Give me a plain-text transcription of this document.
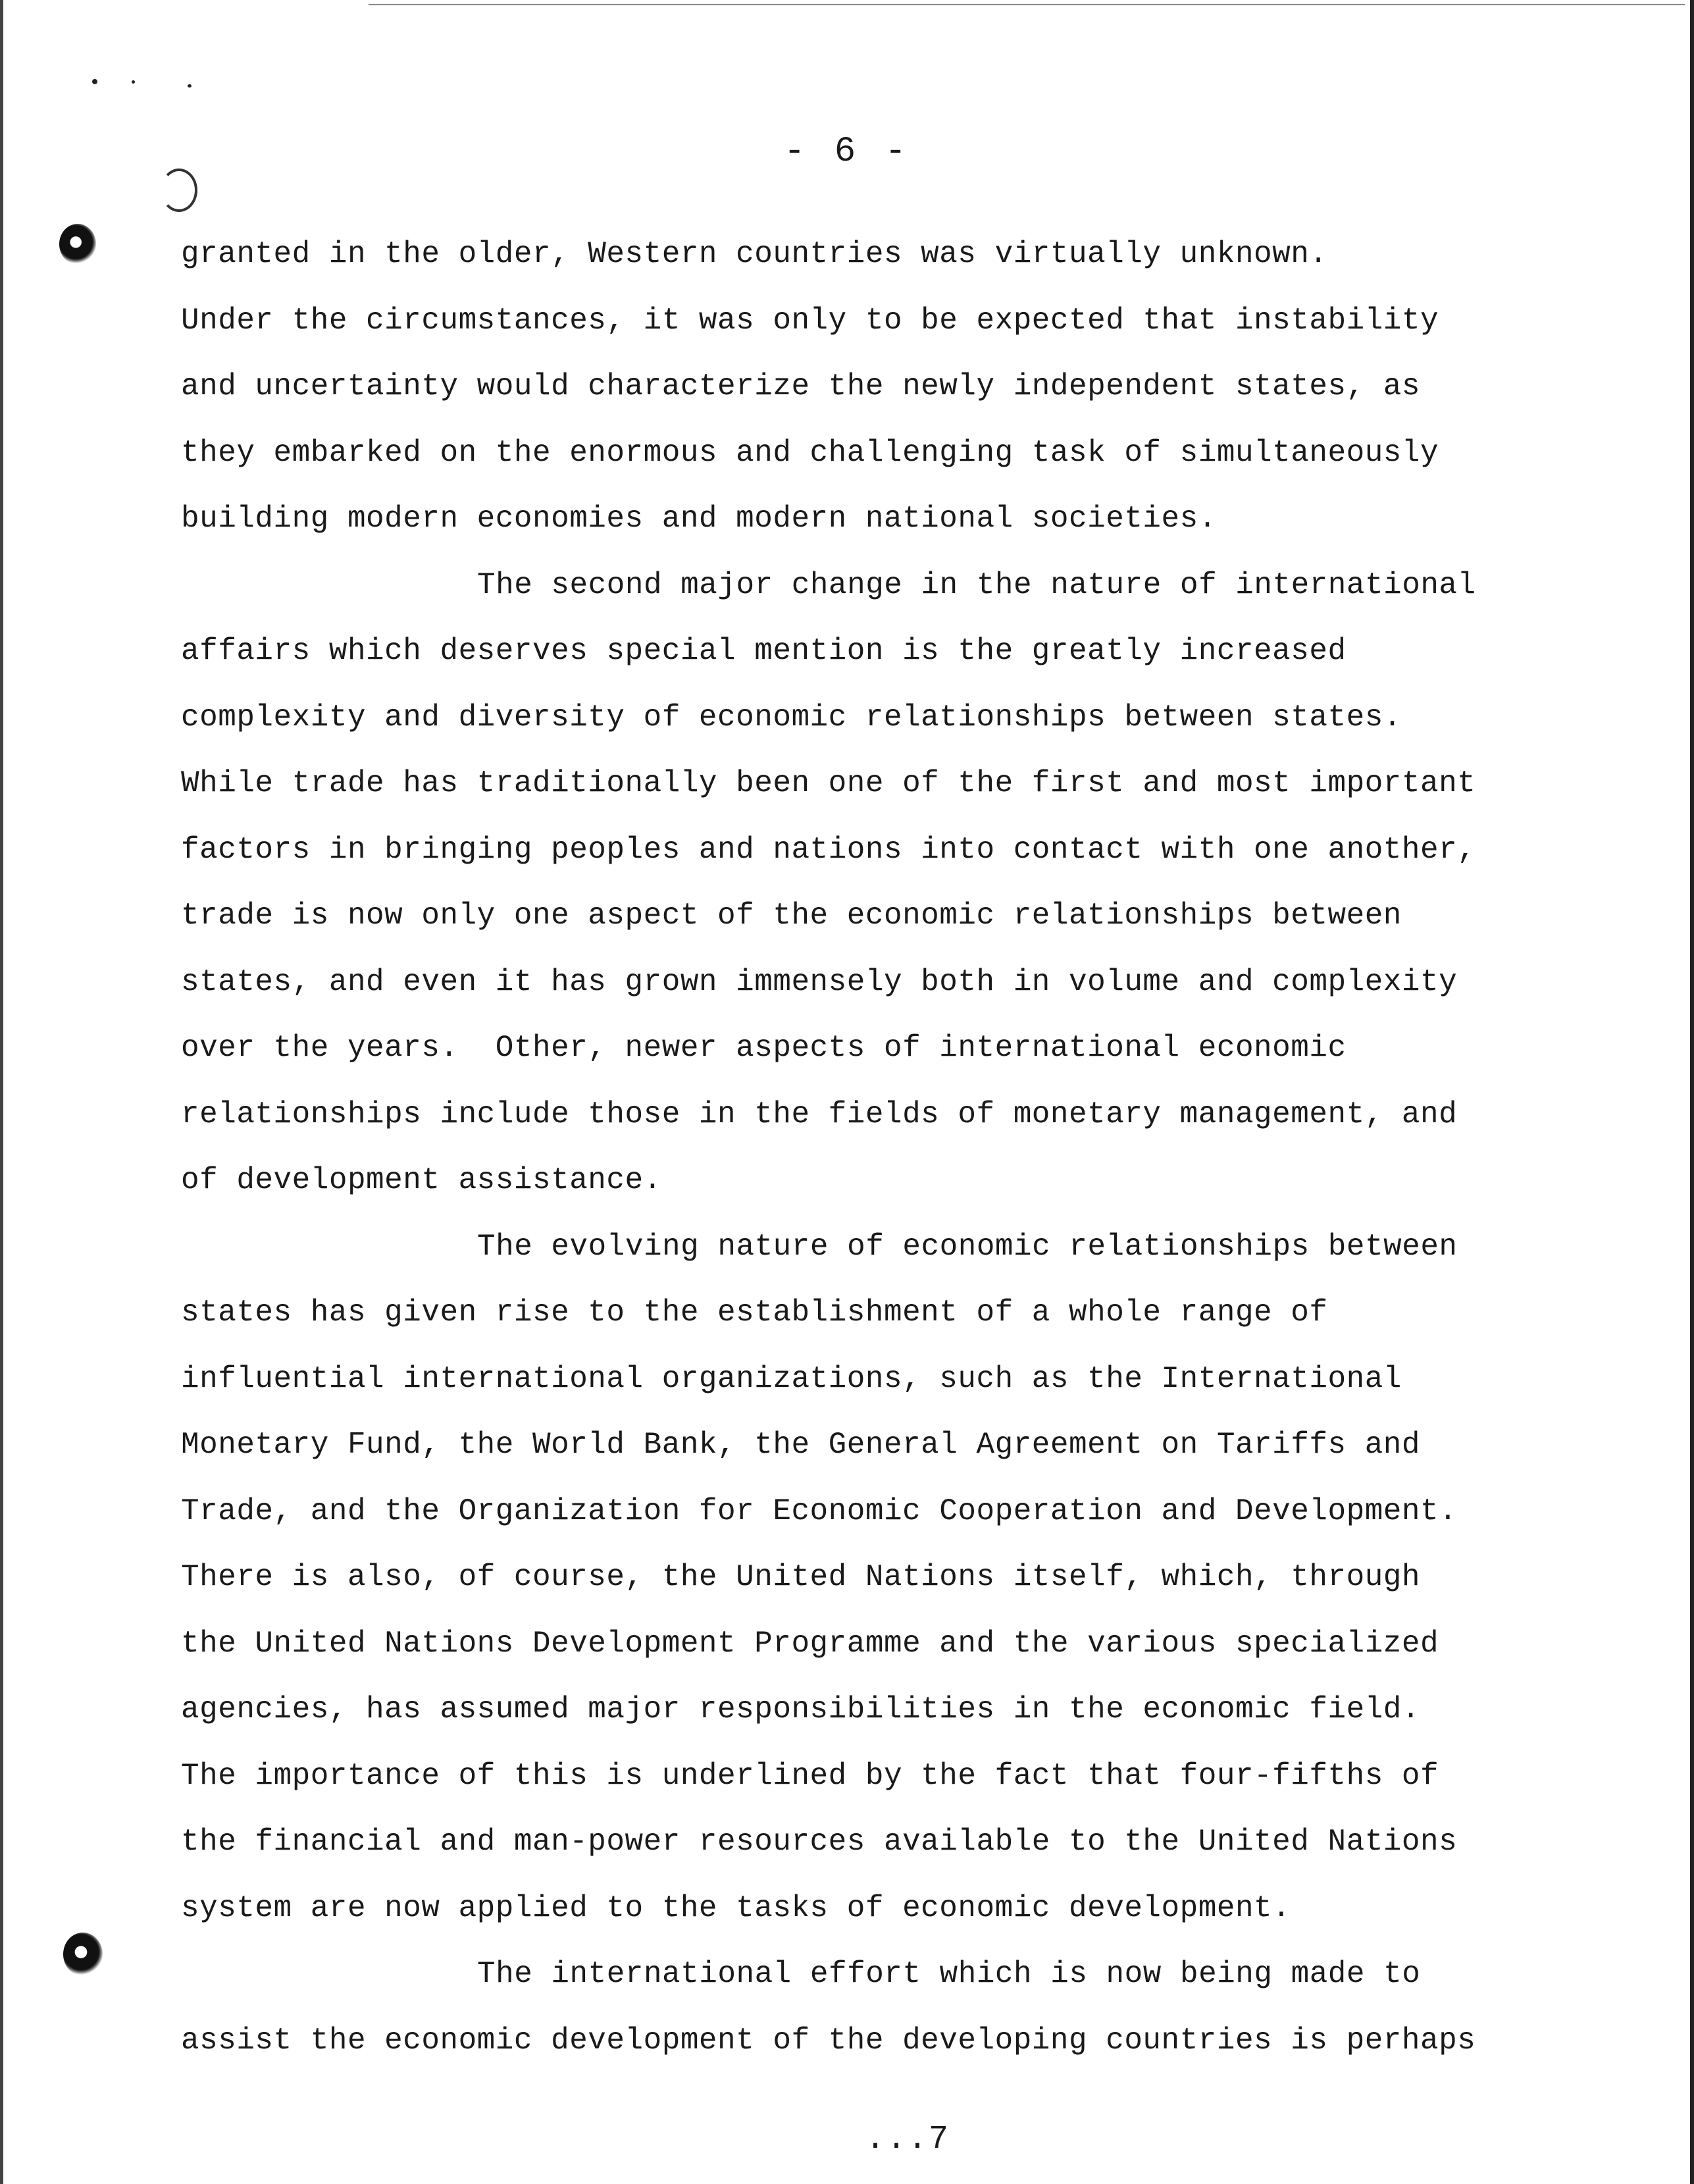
- 6 -
granted in the older, Western countries was virtually unknown.
Under the circumstances, it was only to be expected that instability
and uncertainty would characterize the newly independent states, as
they embarked on the enormous and challenging task of simultaneously
building modern economies and modern national societies.
The second major change in the nature of international
affairs which deserves special mention is the greatly increased
complexity and diversity of economic relationships between states.
While trade has traditionally been one of the first and most important
factors in bringing peoples and nations into contact with one another,
trade is now only one aspect of the economic relationships between
states, and even it has grown immensely both in volume and complexity
over the years.  Other, newer aspects of international economic
relationships include those in the fields of monetary management, and
of development assistance.
The evolving nature of economic relationships between
states has given rise to the establishment of a whole range of
influential international organizations, such as the International
Monetary Fund, the World Bank, the General Agreement on Tariffs and
Trade, and the Organization for Economic Cooperation and Development.
There is also, of course, the United Nations itself, which, through
the United Nations Development Programme and the various specialized
agencies, has assumed major responsibilities in the economic field.
The importance of this is underlined by the fact that four-fifths of
the financial and man-power resources available to the United Nations
system are now applied to the tasks of economic development.
The international effort which is now being made to
assist the economic development of the developing countries is perhaps
...7
